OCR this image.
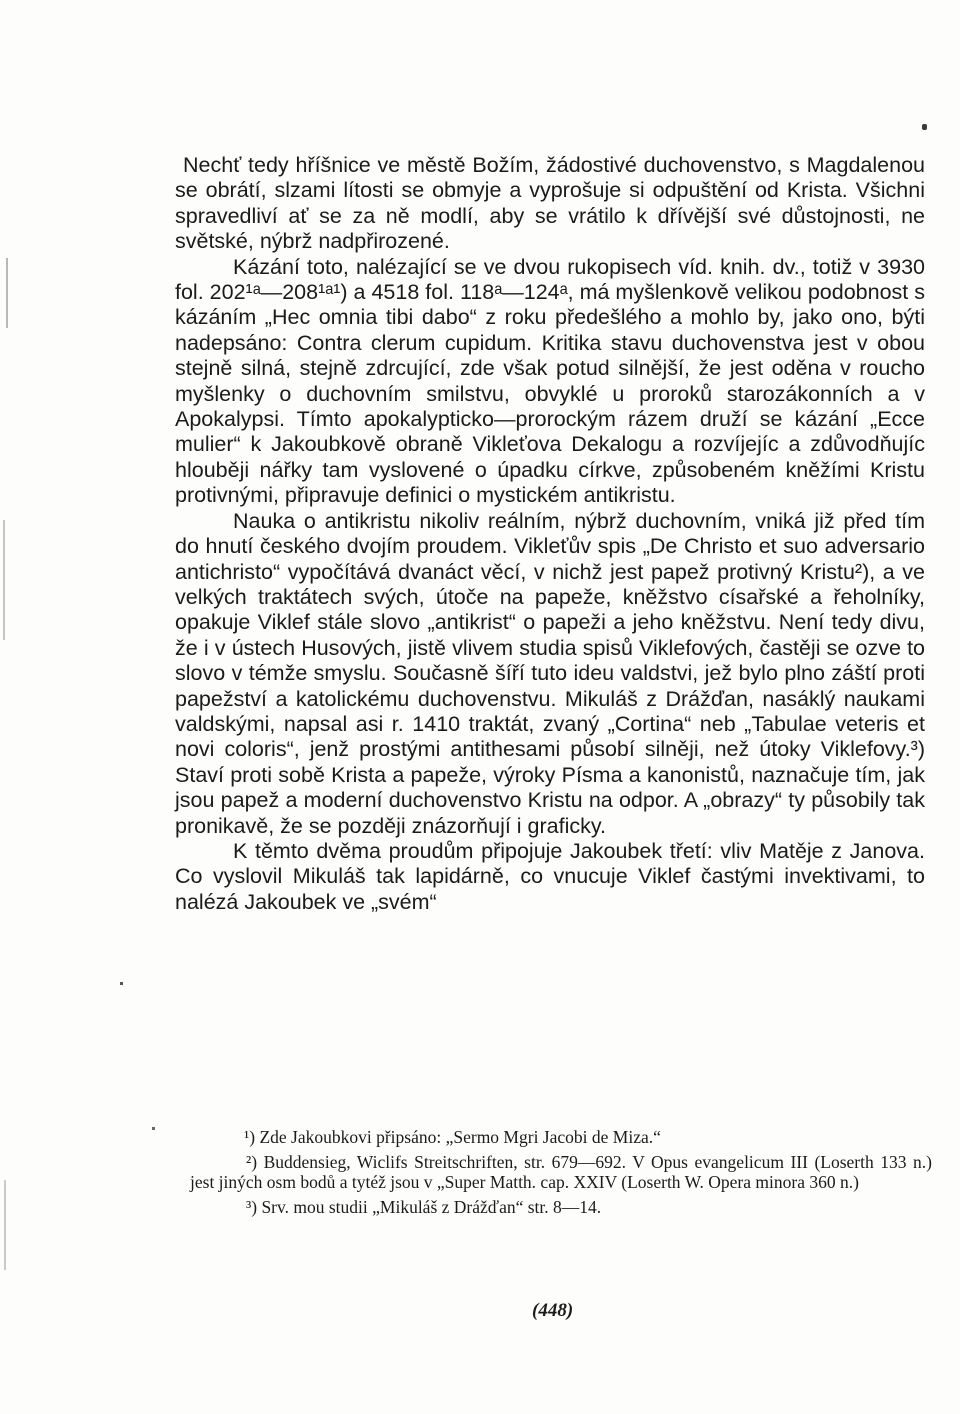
Nechť tedy hříšnice ve městě Božím, žádostivé duchovenstvo, s Magdalenou se obrátí, slzami lítosti se obmyje a vyprošuje si odpuštění od Krista. Všichni spravedliví ať se za ně modlí, aby se vrátilo k dřívější své důstojnosti, ne světské, nýbrž nadpřirozené.

Kázání toto, nalézající se ve dvou rukopisech víd. knih. dv., totiž v 3930 fol. 202¹ᵃ—208¹ᵃ¹) a 4518 fol. 118ᵃ—124ᵃ, má myšlenkově velikou podobnost s kázáním „Hec omnia tibi dabo“ z roku předešlého a mohlo by, jako ono, býti nadepsáno: Contra clerum cupidum. Kritika stavu duchovenstva jest v obou stejně silná, stejně zdrcující, zde však potud silnější, že jest oděna v roucho myšlenky o duchovním smilstvu, obvyklé u proroků starozákonních a v Apokalypsi. Tímto apokalypticko—prorockým rázem druží se kázání „Ecce mulier“ k Jakoubkově obraně Vikleťova Dekalogu a rozvíjejíc a zdůvodňujíc hlouběji nářky tam vyslovené o úpadku církve, způsobeném kněžími Kristu protivnými, připravuje definici o mystickém antikristu.

Nauka o antikristu nikoliv reálním, nýbrž duchovním, vniká již před tím do hnutí českého dvojím proudem. Vikleťův spis „De Christo et suo adversario antichristo“ vypočítává dvanáct věcí, v nichž jest papež protivný Kristu²), a ve velkých traktátech svých, útoče na papeže, kněžstvo císařské a řeholníky, opakuje Viklef stále slovo „antikrist“ o papeži a jeho kněžstvu. Není tedy divu, že i v ústech Husových, jistě vlivem studia spisů Viklefových, častěji se ozve to slovo v témže smyslu. Současně šíří tuto ideu valdstvi, jež bylo plno záští proti papežství a katolickému duchovenstvu. Mikuláš z Drážďan, nasáklý naukami valdskými, napsal asi r. 1410 traktát, zvaný „Cortina“ neb „Tabulae veteris et novi coloris“, jenž prostými antithesami působí silněji, než útoky Viklefovy.³) Staví proti sobě Krista a papeže, výroky Písma a kanonistů, naznačuje tím, jak jsou papež a moderní duchovenstvo Kristu na odpor. A „obrazy“ ty působily tak pronikavě, že se později znázorňují i graficky.

K těmto dvěma proudům připojuje Jakoubek třetí: vliv Matěje z Janova. Co vyslovil Mikuláš tak lapidárně, co vnucuje Viklef častými invektivami, to nalézá Jakoubek ve „svém“

¹) Zde Jakoubkovi připsáno: „Sermo Mgri Jacobi de Miza.“

²) Buddensieg, Wiclifs Streitschriften, str. 679—692. V Opus evangelicum III (Loserth 133 n.) jest jiných osm bodů a tytéž jsou v „Super Matth. cap. XXIV (Loserth W. Opera minora 360 n.)

³) Srv. mou studii „Mikuláš z Drážďan“ str. 8—14.

(448)
